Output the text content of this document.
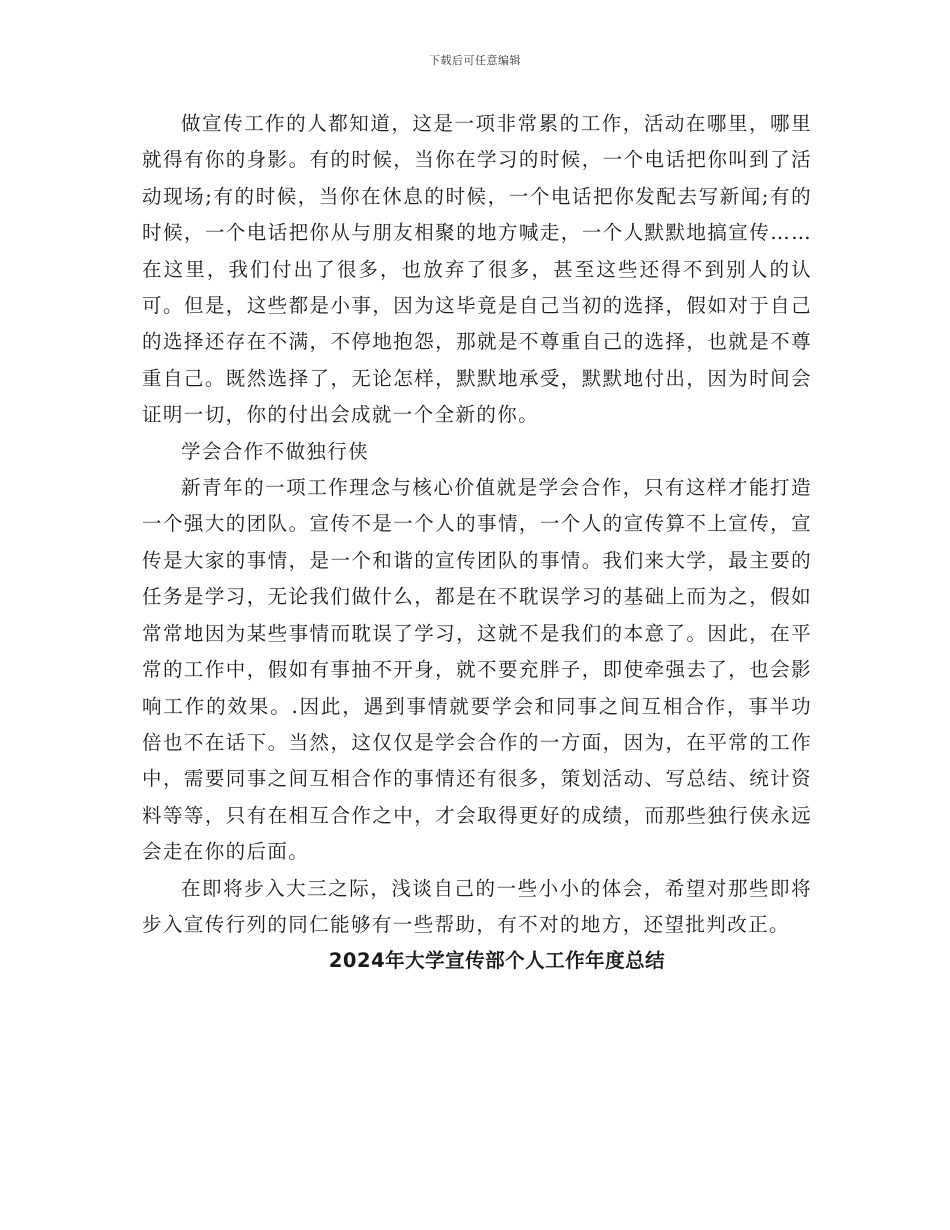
下载后可任意编辑

做宣传工作的人都知道，这是一项非常累的工作，活动在哪里，哪里就得有你的身影。有的时候，当你在学习的时候，一个电话把你叫到了活动现场;有的时候，当你在休息的时候，一个电话把你发配去写新闻;有的时候，一个电话把你从与朋友相聚的地方喊走，一个人默默地搞宣传……在这里，我们付出了很多，也放弃了很多，甚至这些还得不到别人的认可。但是，这些都是小事，因为这毕竟是自己当初的选择，假如对于自己的选择还存在不满，不停地抱怨，那就是不尊重自己的选择，也就是不尊重自己。既然选择了，无论怎样，默默地承受，默默地付出，因为时间会证明一切，你的付出会成就一个全新的你。

学会合作不做独行侠

新青年的一项工作理念与核心价值就是学会合作，只有这样才能打造一个强大的团队。宣传不是一个人的事情，一个人的宣传算不上宣传，宣传是大家的事情，是一个和谐的宣传团队的事情。我们来大学，最主要的任务是学习，无论我们做什么，都是在不耽误学习的基础上而为之，假如常常地因为某些事情而耽误了学习，这就不是我们的本意了。因此，在平常的工作中，假如有事抽不开身，就不要充胖子，即使牵强去了，也会影响工作的效果。.因此，遇到事情就要学会和同事之间互相合作，事半功倍也不在话下。当然，这仅仅是学会合作的一方面，因为，在平常的工作中，需要同事之间互相合作的事情还有很多，策划活动、写总结、统计资料等等，只有在相互合作之中，才会取得更好的成绩，而那些独行侠永远会走在你的后面。

在即将步入大三之际，浅谈自己的一些小小的体会，希望对那些即将步入宣传行列的同仁能够有一些帮助，有不对的地方，还望批判改正。

2024年大学宣传部个人工作年度总结
